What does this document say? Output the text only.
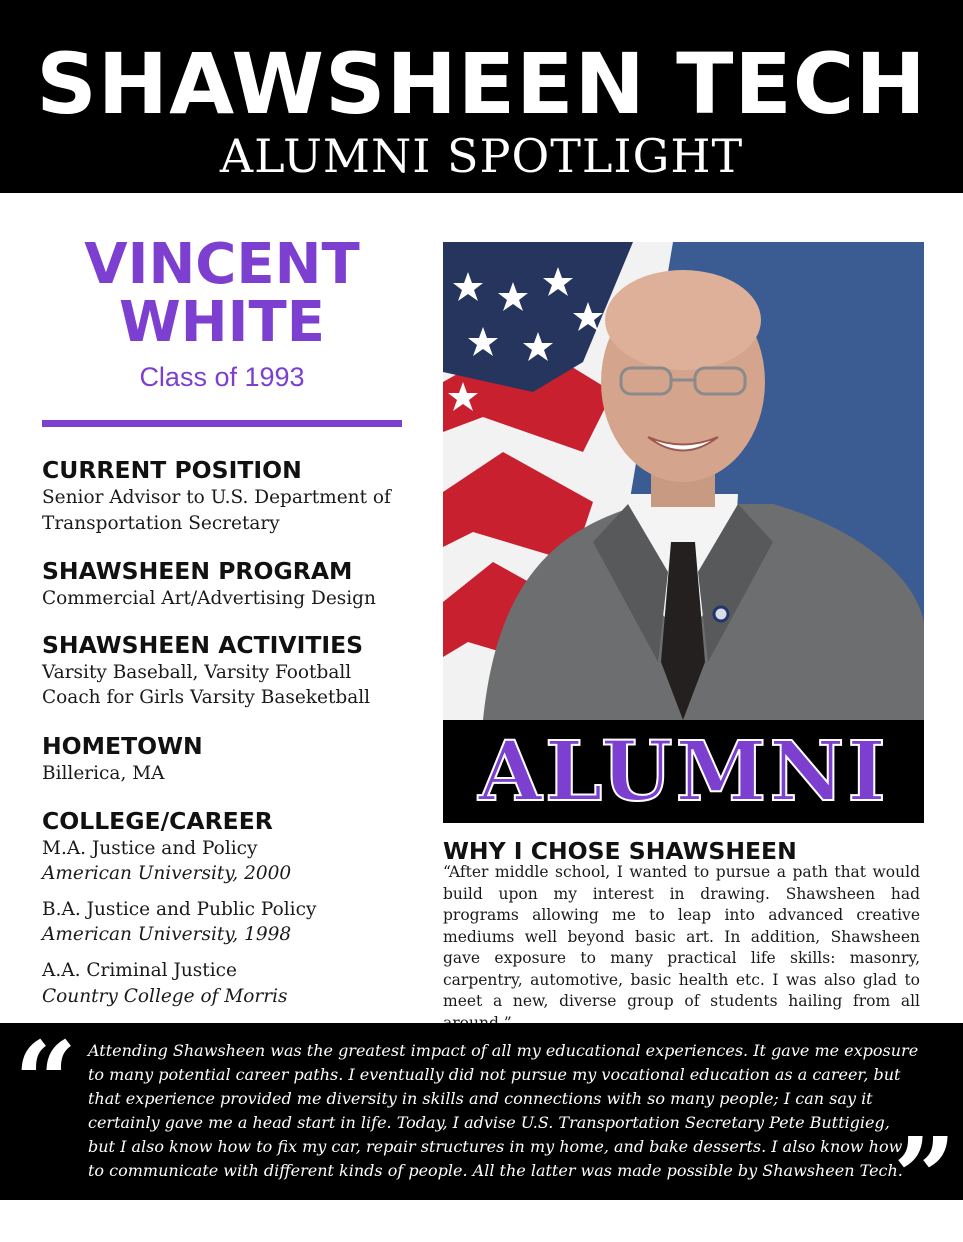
SHAWSHEEN TECH
ALUMNI SPOTLIGHT
VINCENT
WHITE
Class of 1993
CURRENT POSITION
Senior Advisor to U.S. Department of
Transportation Secretary
SHAWSHEEN PROGRAM
Commercial Art/Advertising Design
SHAWSHEEN ACTIVITIES
Varsity Baseball, Varsity Football
Coach for Girls Varsity Baseketball
HOMETOWN
Billerica, MA
COLLEGE/CAREER
M.A. Justice and Policy
American University, 2000
B.A. Justice and Public Policy
American University, 1998
A.A. Criminal Justice
Country College of Morris
ALUMNI
WHY I CHOSE SHAWSHEEN
“After middle school, I wanted to pursue a path that would build upon my interest in drawing. Shawsheen had programs allowing me to leap into advanced creative mediums well beyond basic art. In addition, Shawsheen gave exposure to many practical life skills: masonry, carpentry, automotive, basic health etc. I was also glad to meet a new, diverse group of students hailing from all
“ Attending Shawsheen was the greatest impact of all my educational experiences. It gave me exposure
to many potential career paths. I eventually did not pursue my vocational education as a career, but
that experience provided me diversity in skills and connections with so many people; I can say it
certainly gave me a head start in life. Today, I advise U.S. Transportation Secretary Pete Buttigieg,
but I also know how to fix my car, repair structures in my home, and bake desserts. I also know how
to communicate with different kinds of people. All the latter was made possible by Shawsheen Tech.
”
